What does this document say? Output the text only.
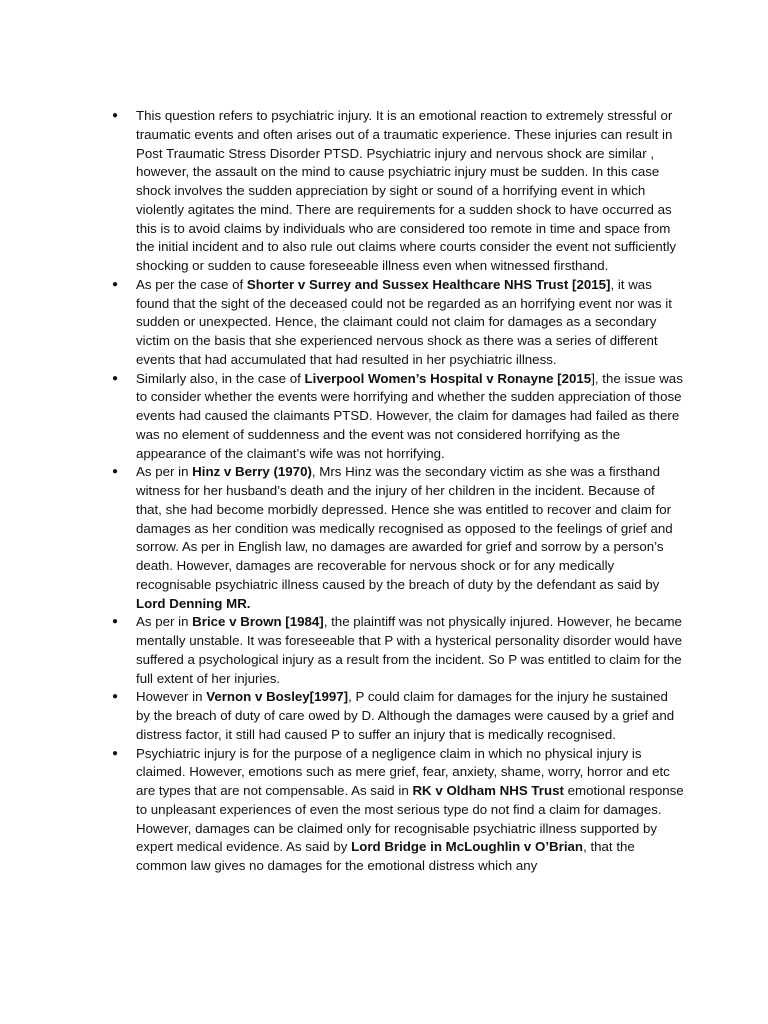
● This question refers to psychiatric injury. It is an emotional reaction to extremely stressful or traumatic events and often arises out of a traumatic experience. These injuries can result in Post Traumatic Stress Disorder PTSD. Psychiatric injury and nervous shock are similar , however, the assault on the mind to cause psychiatric injury must be sudden. In this case shock involves the sudden appreciation by sight or sound of a horrifying event in which violently agitates the mind. There are requirements for a sudden shock to have occurred as this is to avoid claims by individuals who are considered too remote in time and space from the initial incident and to also rule out claims where courts consider the event not sufficiently shocking or sudden to cause foreseeable illness even when witnessed firsthand.
● As per the case of Shorter v Surrey and Sussex Healthcare NHS Trust [2015], it was found that the sight of the deceased could not be regarded as an horrifying event nor was it sudden or unexpected. Hence, the claimant could not claim for damages as a secondary victim on the basis that she experienced nervous shock as there was a series of different events that had accumulated that had resulted in her psychiatric illness.
● Similarly also, in the case of Liverpool Women’s Hospital v Ronayne [2015], the issue was to consider whether the events were horrifying and whether the sudden appreciation of those events had caused the claimants PTSD. However, the claim for damages had failed as there was no element of suddenness and the event was not considered horrifying as the appearance of the claimant’s wife was not horrifying.
● As per in Hinz v Berry (1970), Mrs Hinz was the secondary victim as she was a firsthand witness for her husband’s death and the injury of her children in the incident. Because of that, she had become morbidly depressed. Hence she was entitled to recover and claim for damages as her condition was medically recognised as opposed to the feelings of grief and sorrow. As per in English law, no damages are awarded for grief and sorrow by a person’s death. However, damages are recoverable for nervous shock or for any medically recognisable psychiatric illness caused by the breach of duty by the defendant as said by Lord Denning MR.
● As per in Brice v Brown [1984], the plaintiff was not physically injured. However, he became mentally unstable. It was foreseeable that P with a hysterical personality disorder would have suffered a psychological injury as a result from the incident. So P was entitled to claim for the full extent of her injuries.
● However in Vernon v Bosley[1997], P could claim for damages for the injury he sustained by the breach of duty of care owed by D. Although the damages were caused by a grief and distress factor, it still had caused P to suffer an injury that is medically recognised.
● Psychiatric injury is for the purpose of a negligence claim in which no physical injury is claimed. However, emotions such as mere grief, fear, anxiety, shame, worry, horror and etc are types that are not compensable. As said in RK v Oldham NHS Trust emotional response to unpleasant experiences of even the most serious type do not find a claim for damages. However, damages can be claimed only for recognisable psychiatric illness supported by expert medical evidence. As said by Lord Bridge in McLoughlin v O’Brian, that the common law gives no damages for the emotional distress which any
